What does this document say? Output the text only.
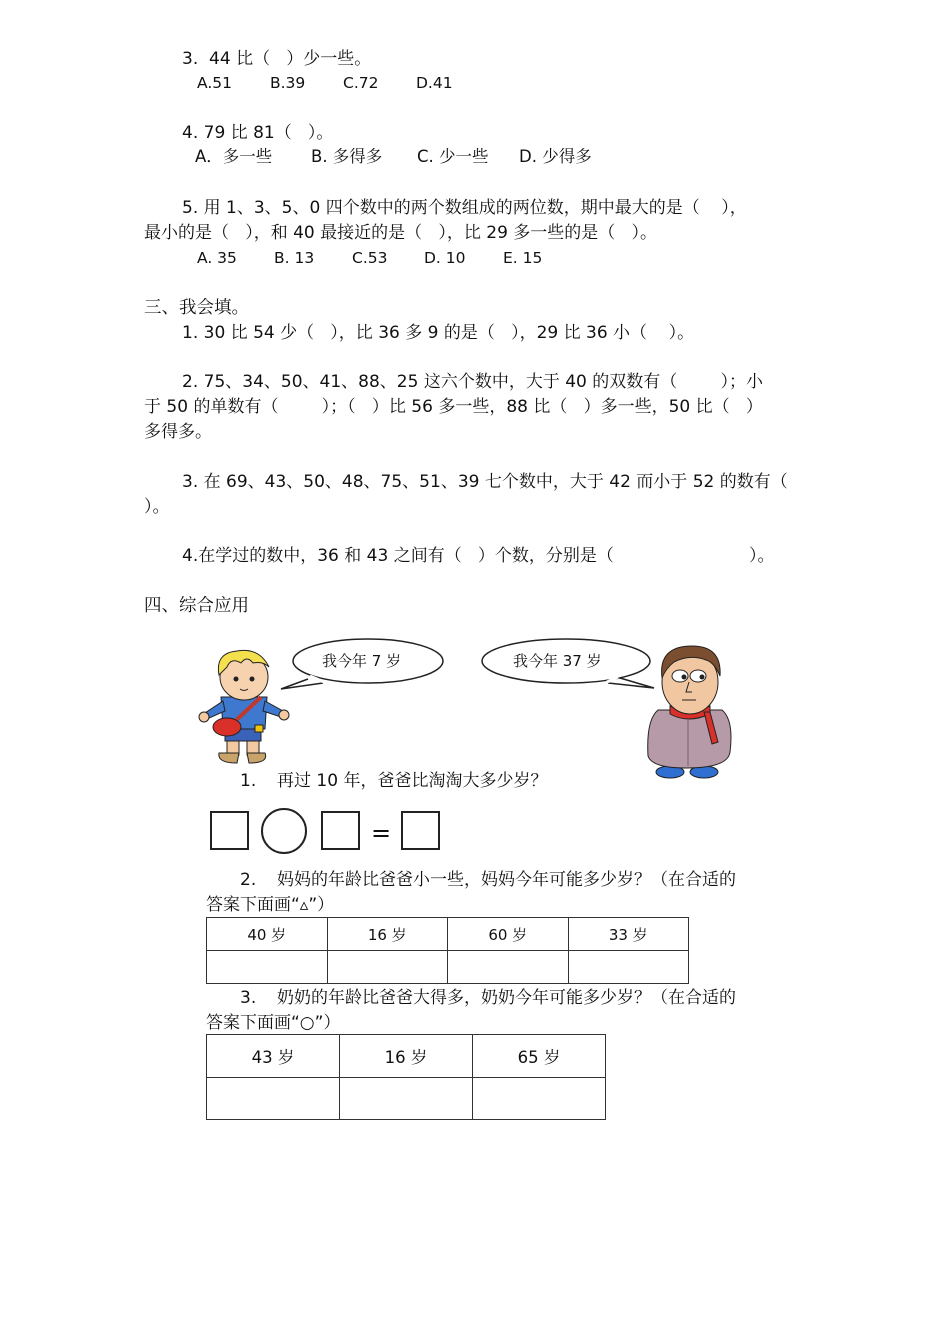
3.  44 比（   ）少一些。
A.51 B.39 C.72 D.41
4. 79 比 81（   ）。
A．多一些 B. 多得多 C. 少一些 D. 少得多
5. 用 1、3、5、0 四个数中的两个数组成的两位数，期中最大的是（    ），
最小的是（   ），和 40 最接近的是（   ），比 29 多一些的是（   ）。
A. 35 B. 13 C.53 D. 10 E. 15
三、我会填。
1. 30 比 54 少（   ），比 36 多 9 的是（   ），29 比 36 小（    ）。
2. 75、34、50、41、88、25 这六个数中，大于 40 的双数有（        ）；小
于 50 的单数有（        ）；（   ）比 56 多一些，88 比（   ）多一些，50 比（   ）
多得多。
3. 在 69、43、50、48、75、51、39 七个数中，大于 42 而小于 52 的数有（
）。
4.在学过的数中，36 和 43 之间有（   ）个数，分别是（                         ）。
四、综合应用
我今年 7 岁	我今年 37 岁
1. 再过 10 年，爸爸比淘淘大多少岁？
=
2. 妈妈的年龄比爸爸小一些，妈妈今年可能多少岁？（在合适的
答案下面画“▵”）
40 岁	16 岁	60 岁	33 岁

3. 奶奶的年龄比爸爸大得多，奶奶今年可能多少岁？（在合适的
答案下面画“○”）
43 岁	16 岁	65 岁
